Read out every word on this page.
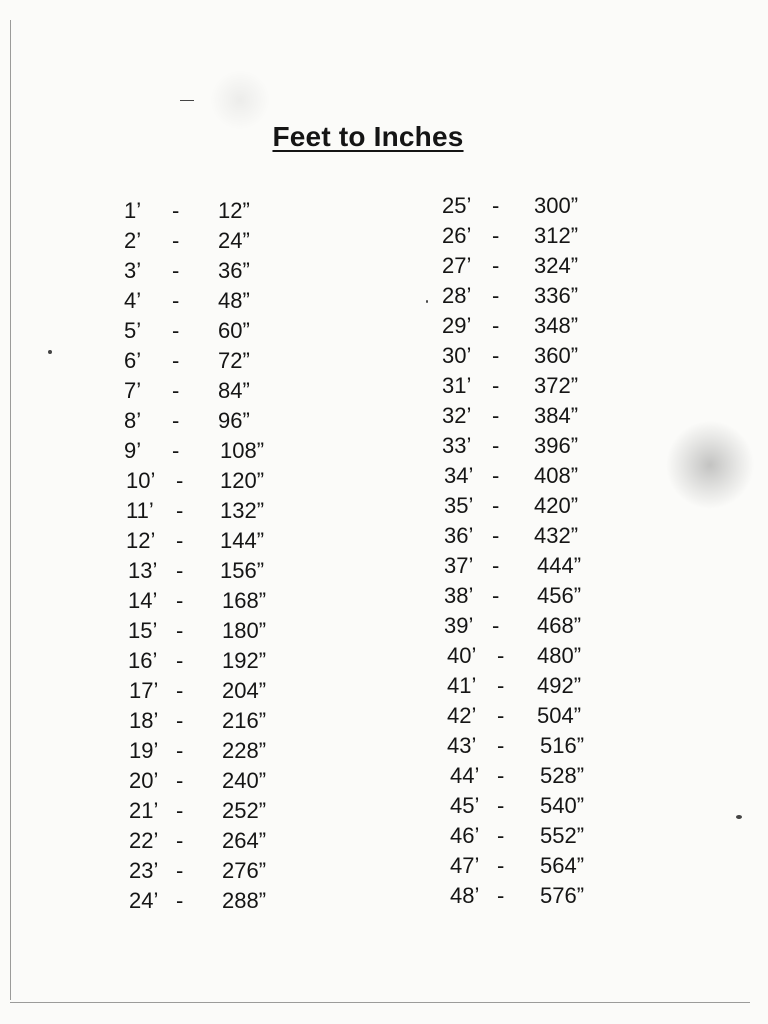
Feet to Inches
1’ - 12”
2’ - 24”
3’ - 36”
4’ - 48”
5’ - 60”
6’ - 72”
7’ - 84”
8’ - 96”
9’ - 108”
10’ - 120”
11’ - 132”
12’ - 144”
13’ - 156”
14’ - 168”
15’ - 180”
16’ - 192”
17’ - 204”
18’ - 216”
19’ - 228”
20’ - 240”
21’ - 252”
22’ - 264”
23’ - 276”
24’ - 288”
25’ - 300”
26’ - 312”
27’ - 324”
28’ - 336”
29’ - 348”
30’ - 360”
31’ - 372”
32’ - 384”
33’ - 396”
34’ - 408”
35’ - 420”
36’ - 432”
37’ - 444”
38’ - 456”
39’ - 468”
40’ - 480”
41’ - 492”
42’ - 504”
43’ - 516”
44’ - 528”
45’ - 540”
46’ - 552”
47’ - 564”
48’ - 576”
